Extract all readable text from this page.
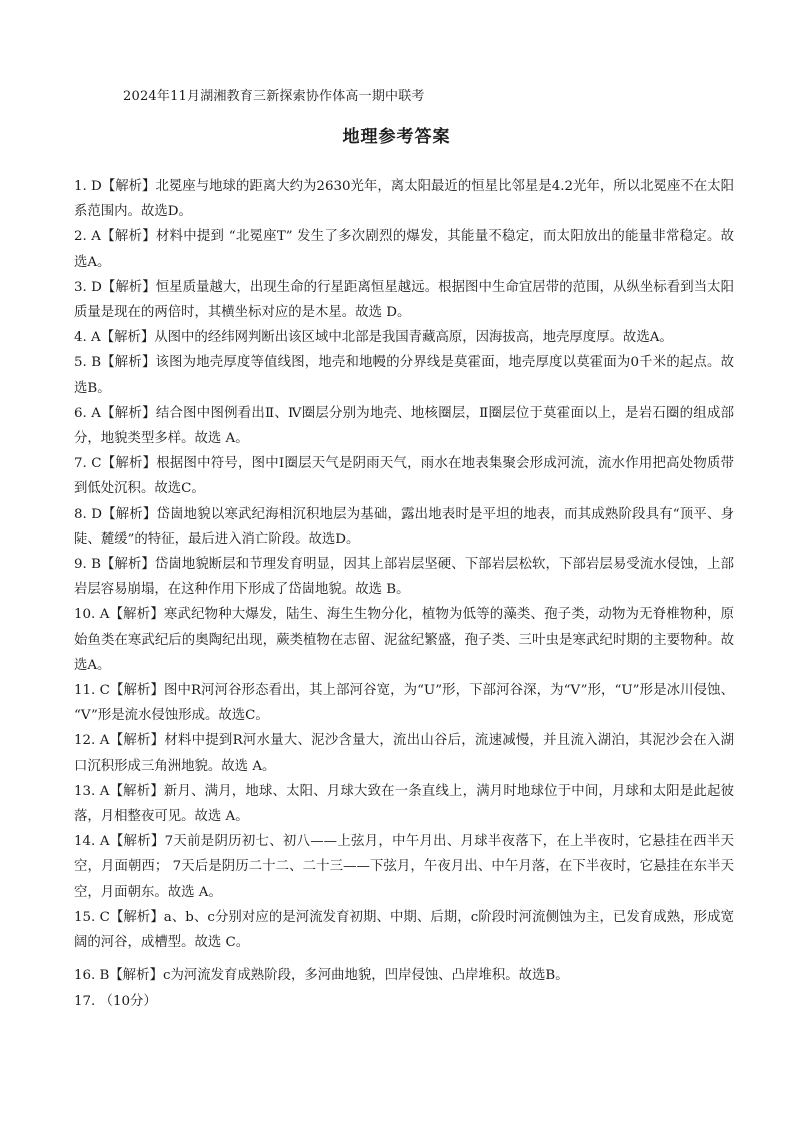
2024年11月湖湘教育三新探索协作体高一期中联考
地理参考答案

1. D【解析】北冕座与地球的距离大约为2630光年，离太阳最近的恒星比邻星是4.2光年，所以北冕座不在太阳系范围内。故选D。

2. A【解析】材料中提到 “北冕座T” 发生了多次剧烈的爆发，其能量不稳定，而太阳放出的能量非常稳定。故选A。

3. D【解析】恒星质量越大，出现生命的行星距离恒星越远。根据图中生命宜居带的范围，从纵坐标看到当太阳质量是现在的两倍时，其横坐标对应的是木星。故选 D。

4. A【解析】从图中的经纬网判断出该区域中北部是我国青藏高原，因海拔高，地壳厚度厚。故选A。

5. B【解析】该图为地壳厚度等值线图，地壳和地幔的分界线是莫霍面，地壳厚度以莫霍面为0千米的起点。故选B。

6. A【解析】结合图中图例看出Ⅱ、Ⅳ圈层分别为地壳、地核圈层，Ⅱ圈层位于莫霍面以上，是岩石圈的组成部分，地貌类型多样。故选 A。

7. C【解析】根据图中符号，图中Ⅰ圈层天气是阴雨天气，雨水在地表集聚会形成河流，流水作用把高处物质带到低处沉积。故选C。

8. D【解析】岱崮地貌以寒武纪海相沉积地层为基础，露出地表时是平坦的地表，而其成熟阶段具有“顶平、身陡、麓缓”的特征，最后进入消亡阶段。故选D。

9. B【解析】岱崮地貌断层和节理发育明显，因其上部岩层坚硬、下部岩层松软，下部岩层易受流水侵蚀，上部岩层容易崩塌，在这种作用下形成了岱崮地貌。故选 B。

10. A【解析】寒武纪物种大爆发，陆生、海生生物分化，植物为低等的藻类、孢子类，动物为无脊椎物种，原始鱼类在寒武纪后的奥陶纪出现，蕨类植物在志留、泥盆纪繁盛，孢子类、三叶虫是寒武纪时期的主要物种。故选A。

11. C【解析】图中R河河谷形态看出，其上部河谷宽，为“U”形，下部河谷深，为“V”形，“U”形是冰川侵蚀、 “V”形是流水侵蚀形成。故选C。

12. A【解析】材料中提到R河水量大、泥沙含量大，流出山谷后，流速减慢，并且流入湖泊，其泥沙会在入湖口沉积形成三角洲地貌。故选 A。

13. A【解析】新月、满月，地球、太阳、月球大致在一条直线上，满月时地球位于中间，月球和太阳是此起彼落，月相整夜可见。故选 A。

14. A【解析】7天前是阴历初七、初八——上弦月，中午月出、月球半夜落下，在上半夜时，它悬挂在西半天空，月面朝西； 7天后是阴历二十二、二十三——下弦月，午夜月出、中午月落，在下半夜时，它悬挂在东半天空，月面朝东。故选 A。

15. C【解析】a、b、c分别对应的是河流发育初期、中期、后期，c阶段时河流侧蚀为主，已发育成熟，形成宽阔的河谷，成槽型。故选 C。

16. B【解析】c为河流发育成熟阶段，多河曲地貌，凹岸侵蚀、凸岸堆积。故选B。

17. （10分）
